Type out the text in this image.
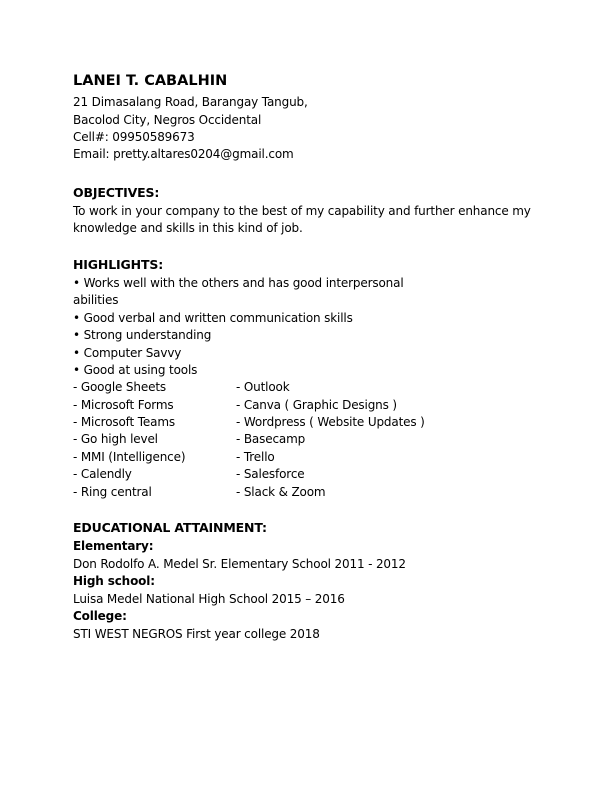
LANEI T. CABALHIN
21 Dimasalang Road, Barangay Tangub,
Bacolod City, Negros Occidental
Cell#: 09950589673
Email: pretty.altares0204@gmail.com
OBJECTIVES:
To work in your company to the best of my capability and further enhance my
knowledge and skills in this kind of job.
HIGHLIGHTS:
• Works well with the others and has good interpersonal
abilities
• Good verbal and written communication skills
• Strong understanding
• Computer Savvy
• Good at using tools
- Google Sheets	- Outlook
- Microsoft Forms	- Canva ( Graphic Designs )
- Microsoft Teams	- Wordpress ( Website Updates )
- Go high level	- Basecamp
- MMI (Intelligence)	- Trello
- Calendly	- Salesforce
- Ring central	- Slack & Zoom
EDUCATIONAL ATTAINMENT:
Elementary:
Don Rodolfo A. Medel Sr. Elementary School 2011 - 2012
High school:
Luisa Medel National High School 2015 – 2016
College:
STI WEST NEGROS First year college 2018
